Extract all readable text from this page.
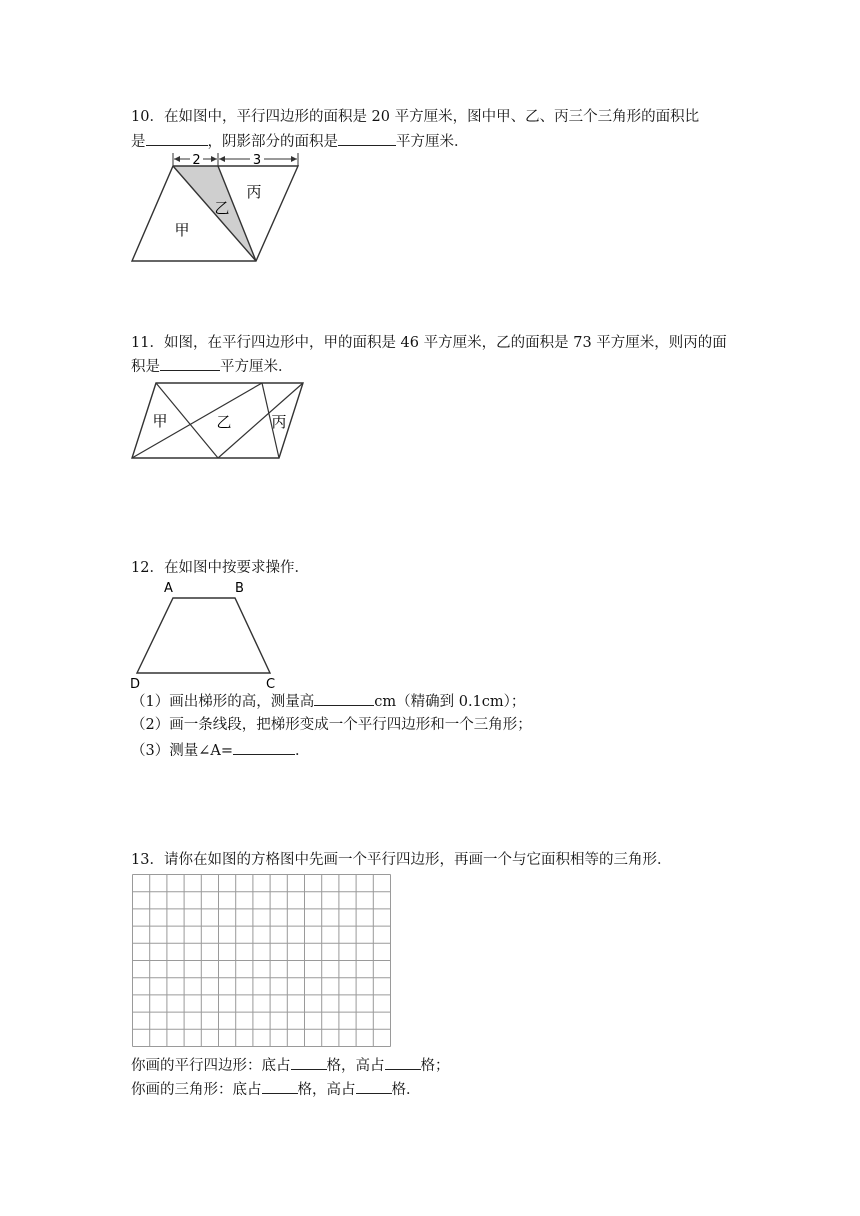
10．在如图中，平行四边形的面积是 20 平方厘米，图中甲、乙、丙三个三角形的面积比
是	，阴影部分的面积是	平方厘米．
2	3
甲
乙
丙
11．如图，在平行四边形中，甲的面积是 46 平方厘米，乙的面积是 73 平方厘米，则丙的面
积是	平方厘米．
甲	乙	丙
12．在如图中按要求操作．
A	B
C
D
（1）画出梯形的高，测量高	cm（精确到 0.1cm）；
（2）画一条线段，把梯形变成一个平行四边形和一个三角形；
（3）测量∠A=	．
13．请你在如图的方格图中先画一个平行四边形，再画一个与它面积相等的三角形．
你画的平行四边形：底占 格，高占 格；
你画的三角形：底占 格，高占 格．
